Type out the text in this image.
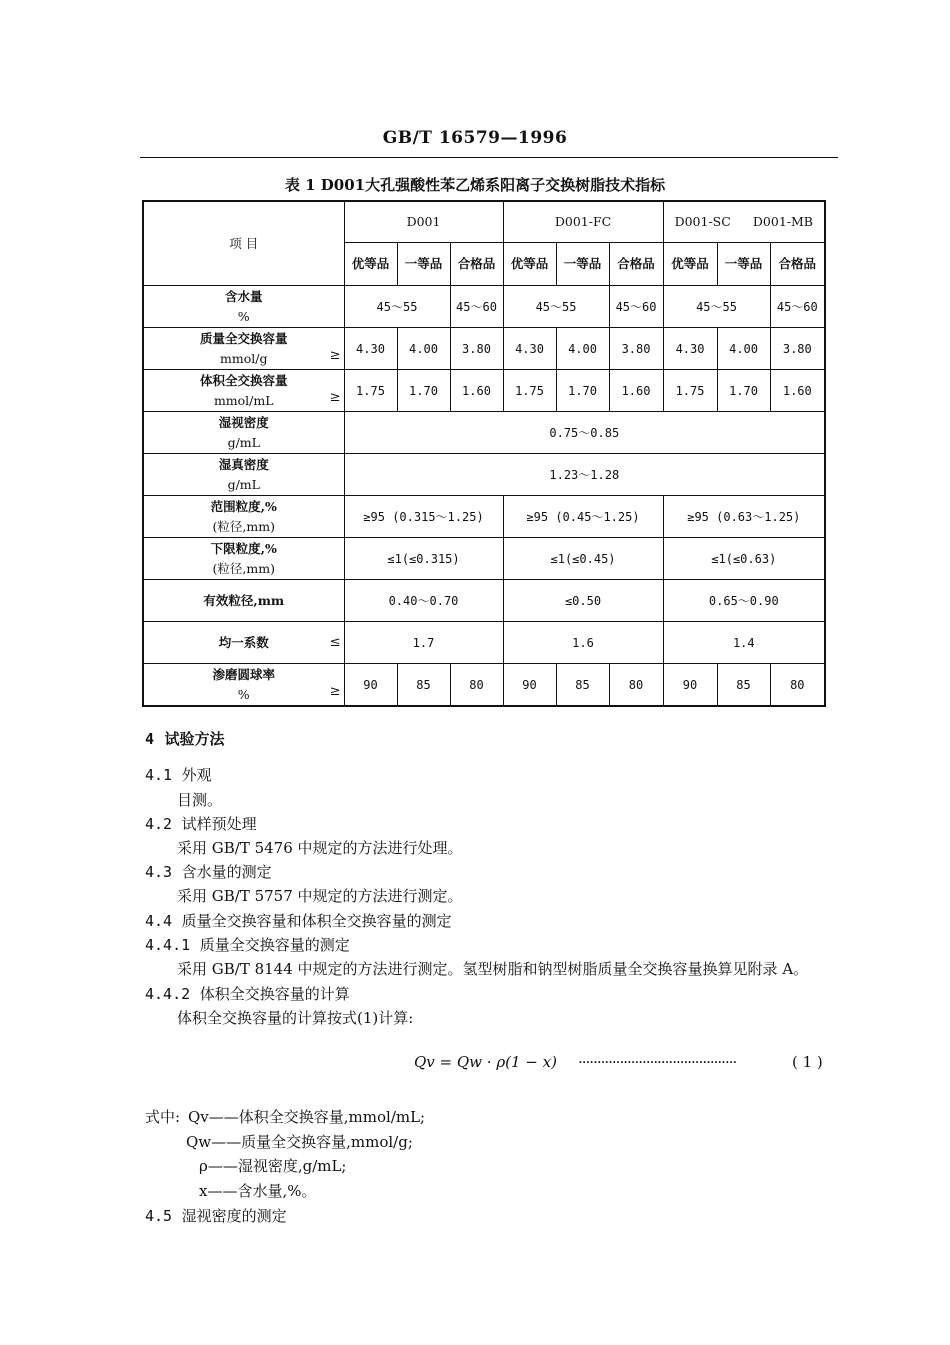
GB/T 16579—1996
表 1 D001大孔强酸性苯乙烯系阳离子交换树脂技术指标
项 目	D001			D001-FC			D001-SC D001-MB		

	优等品	一等品	合格品	优等品	一等品	合格品	优等品	一等品	合格品

含水量
%	45～55		45～60	45～55		45～60	45～55		45～60

质量全交换容量
mmol/g ≥	4.30	4.00	3.80	4.30	4.00	3.80	4.30	4.00	3.80

体积全交换容量
mmol/mL ≥	1.75	1.70	1.60	1.75	1.70	1.60	1.75	1.70	1.60

湿视密度
g/mL	0.75～0.85								

湿真密度
g/mL	1.23～1.28								

范围粒度,%
(粒径,mm)	≥95 (0.315～1.25)			≥95 (0.45～1.25)			≥95 (0.63～1.25)		

下限粒度,%
(粒径,mm)	≤1(≤0.315)			≤1(≤0.45)			≤1(≤0.63)		

有效粒径,mm	0.40～0.70			≤0.50			0.65～0.90		

均一系数 ≤	1.7			1.6			1.4		

渗磨圆球率
% ≥	90	85	80	90	85	80	90	85	80
4 试验方法
4.1 外观
目测。
4.2 试样预处理
采用 GB/T 5476 中规定的方法进行处理。
4.3 含水量的测定
采用 GB/T 5757 中规定的方法进行测定。
4.4 质量全交换容量和体积全交换容量的测定
4.4.1 质量全交换容量的测定
采用 GB/T 8144 中规定的方法进行测定。氢型树脂和钠型树脂质量全交换容量换算见附录 A。
4.4.2 体积全交换容量的计算
体积全交换容量的计算按式(1)计算:
Qv = Qw · ρ(1 − x) ··········································	( 1 )
式中: Qv——体积全交换容量,mmol/mL;
Qw——质量全交换容量,mmol/g;
ρ——湿视密度,g/mL;
x——含水量,%。
4.5 湿视密度的测定
